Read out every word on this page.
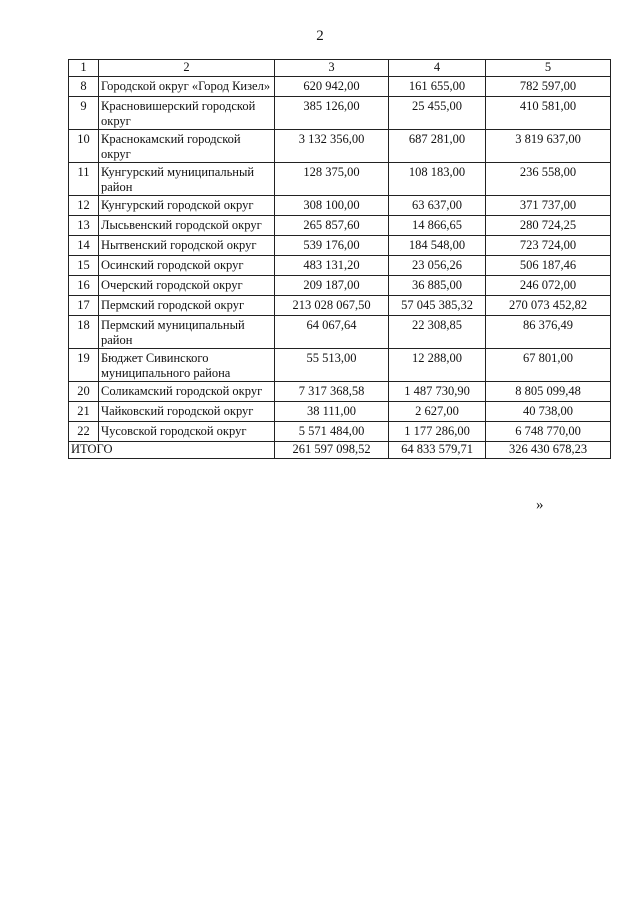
2
1	2	3	4	5
8	Городской округ «Город Кизел»	620 942,00	161 655,00	782 597,00
9	Красновишерский городской округ	385 126,00	25 455,00	410 581,00
10	Краснокамский городской округ	3 132 356,00	687 281,00	3 819 637,00
11	Кунгурский муниципальный район	128 375,00	108 183,00	236 558,00
12	Кунгурский городской округ	308 100,00	63 637,00	371 737,00
13	Лысьвенский городской округ	265 857,60	14 866,65	280 724,25
14	Нытвенский городской округ	539 176,00	184 548,00	723 724,00
15	Осинский городской округ	483 131,20	23 056,26	506 187,46
16	Очерский городской округ	209 187,00	36 885,00	246 072,00
17	Пермский городской округ	213 028 067,50	57 045 385,32	270 073 452,82
18	Пермский муниципальный район	64 067,64	22 308,85	86 376,49
19	Бюджет Сивинского муниципального района	55 513,00	12 288,00	67 801,00
20	Соликамский городской округ	7 317 368,58	1 487 730,90	8 805 099,48
21	Чайковский городской округ	38 111,00	2 627,00	40 738,00
22	Чусовской городской округ	5 571 484,00	1 177 286,00	6 748 770,00
ИТОГО		261 597 098,52	64 833 579,71	326 430 678,23
»
